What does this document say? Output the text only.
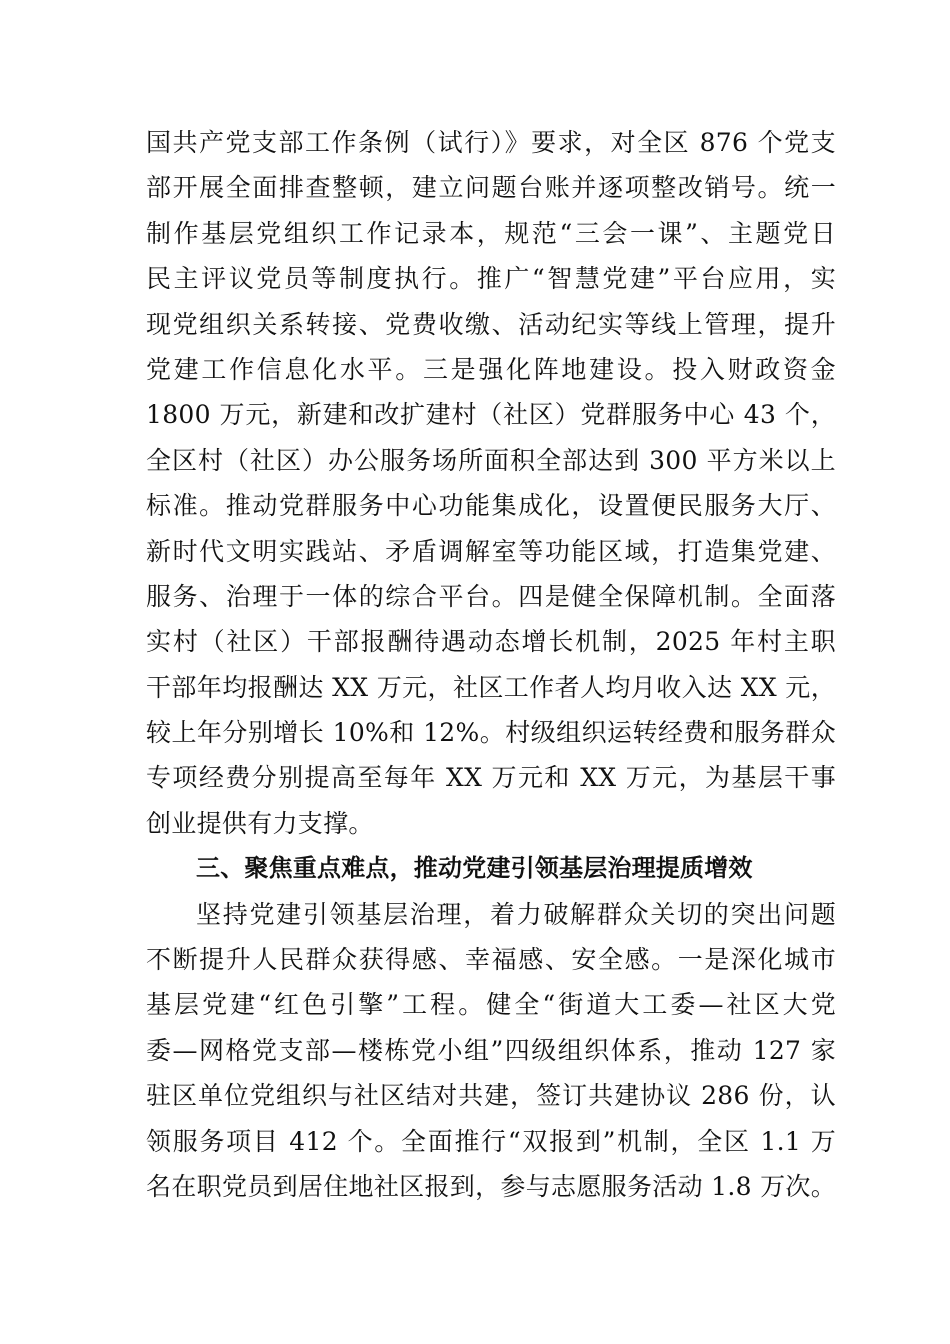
国共产党支部工作条例（试行）》要求，对全区 876 个党支
部开展全面排查整顿，建立问题台账并逐项整改销号。统一
制作基层党组织工作记录本，规范“三会一课”、主题党日
民主评议党员等制度执行。推广“智慧党建”平台应用，实
现党组织关系转接、党费收缴、活动纪实等线上管理，提升
党建工作信息化水平。三是强化阵地建设。投入财政资金
1800 万元，新建和改扩建村（社区）党群服务中心 43 个，
全区村（社区）办公服务场所面积全部达到 300 平方米以上
标准。推动党群服务中心功能集成化，设置便民服务大厅、
新时代文明实践站、矛盾调解室等功能区域，打造集党建、
服务、治理于一体的综合平台。四是健全保障机制。全面落
实村（社区）干部报酬待遇动态增长机制，2025 年村主职
干部年均报酬达 XX 万元，社区工作者人均月收入达 XX 元，
较上年分别增长 10%和 12%。村级组织运转经费和服务群众
专项经费分别提高至每年 XX 万元和 XX 万元，为基层干事
创业提供有力支撑。
三、聚焦重点难点，推动党建引领基层治理提质增效
坚持党建引领基层治理，着力破解群众关切的突出问题
不断提升人民群众获得感、幸福感、安全感。一是深化城市
基层党建“红色引擎”工程。健全“街道大工委—社区大党
委—网格党支部—楼栋党小组”四级组织体系，推动 127 家
驻区单位党组织与社区结对共建，签订共建协议 286 份，认
领服务项目 412 个。全面推行“双报到”机制，全区 1.1 万
名在职党员到居住地社区报到，参与志愿服务活动 1.8 万次。
